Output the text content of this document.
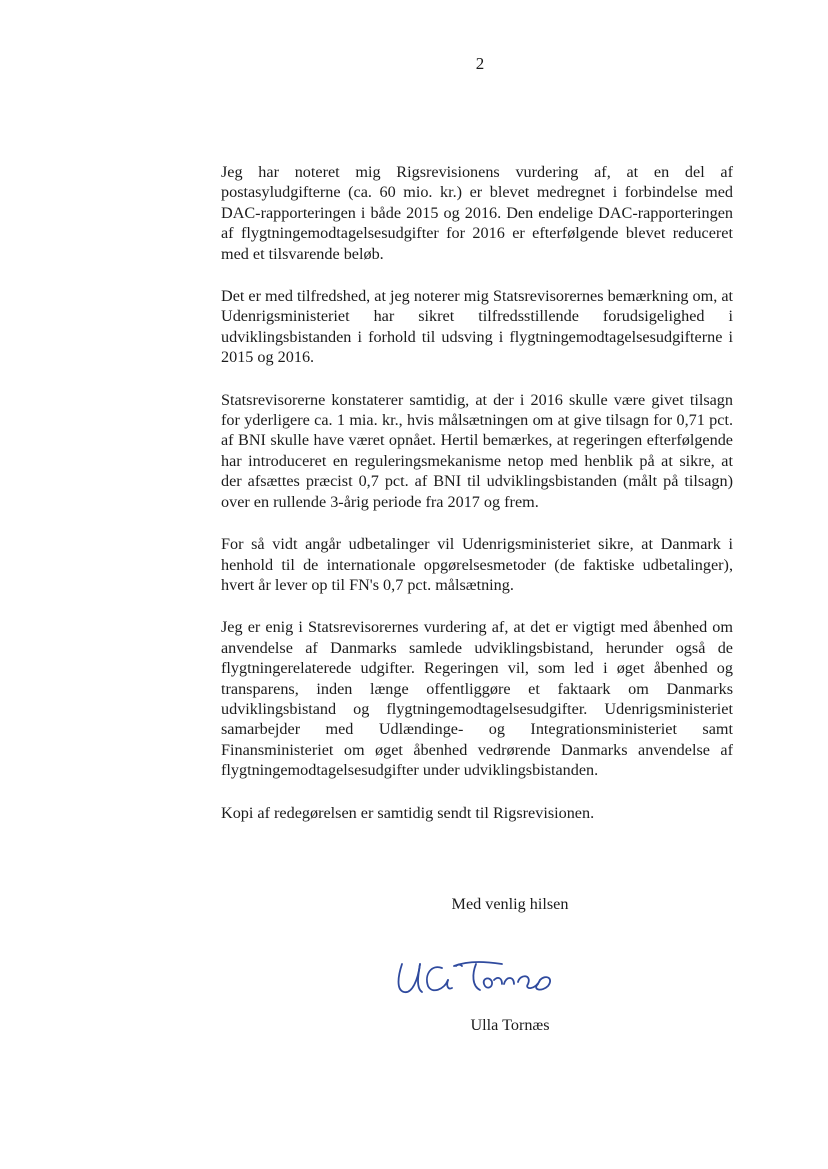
2

Jeg har noteret mig Rigsrevisionens vurdering af, at en del af postasyludgifterne (ca. 60 mio. kr.) er blevet medregnet i forbindelse med DAC-rapporteringen i både 2015 og 2016. Den endelige DAC-rapporteringen af flygtningemodtagelsesudgifter for 2016 er efterfølgende blevet reduceret med et tilsvarende beløb.

Det er med tilfredshed, at jeg noterer mig Statsrevisorernes bemærkning om, at Udenrigsministeriet har sikret tilfredsstillende forudsigelighed i udviklingsbistanden i forhold til udsving i flygtningemodtagelsesudgifterne i 2015 og 2016.

Statsrevisorerne konstaterer samtidig, at der i 2016 skulle være givet tilsagn for yderligere ca. 1 mia. kr., hvis målsætningen om at give tilsagn for 0,71 pct. af BNI skulle have været opnået. Hertil bemærkes, at regeringen efterfølgende har introduceret en reguleringsmekanisme netop med henblik på at sikre, at der afsættes præcist 0,7 pct. af BNI til udviklingsbistanden (målt på tilsagn) over en rullende 3-årig periode fra 2017 og frem.

For så vidt angår udbetalinger vil Udenrigsministeriet sikre, at Danmark i henhold til de internationale opgørelsesmetoder (de faktiske udbetalinger), hvert år lever op til FN's 0,7 pct. målsætning.

Jeg er enig i Statsrevisorernes vurdering af, at det er vigtigt med åbenhed om anvendelse af Danmarks samlede udviklingsbistand, herunder også de flygtningerelaterede udgifter. Regeringen vil, som led i øget åbenhed og transparens, inden længe offentliggøre et faktaark om Danmarks udviklingsbistand og flygtningemodtagelsesudgifter. Udenrigsministeriet samarbejder med Udlændinge- og Integrationsministeriet samt Finansministeriet om øget åbenhed vedrørende Danmarks anvendelse af flygtningemodtagelsesudgifter under udviklingsbistanden.

Kopi af redegørelsen er samtidig sendt til Rigsrevisionen.

Med venlig hilsen
Ulla Tornæs
